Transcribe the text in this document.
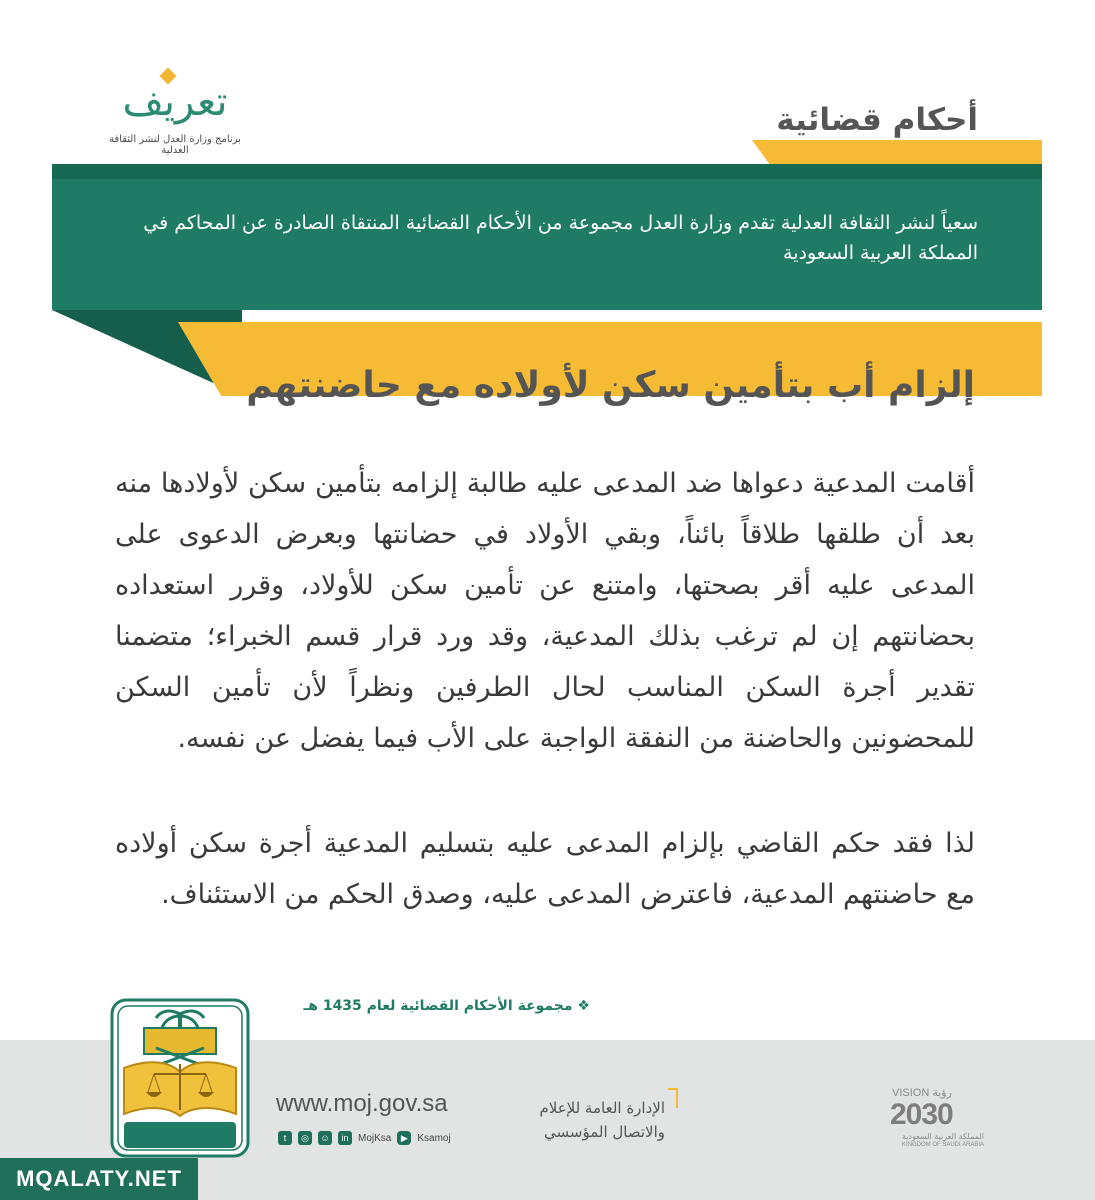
تعريف
برنامج وزارة العدل لنشر الثقافة العدلية
أحكام قضائية
سعياً لنشر الثقافة العدلية تقدم وزارة العدل مجموعة من الأحكام القضائية المنتقاة الصادرة عن المحاكم في المملكة العربية السعودية
إلزام أب بتأمين سكن لأولاده مع حاضنتهم
أقامت المدعية دعواها ضد المدعى عليه طالبة إلزامه بتأمين سكن لأولادها منه بعد أن طلقها طلاقاً بائناً، وبقي الأولاد في حضانتها وبعرض الدعوى على المدعى عليه أقر بصحتها، وامتنع عن تأمين سكن للأولاد، وقرر استعداده بحضانتهم إن لم ترغب بذلك المدعية، وقد ورد قرار قسم الخبراء؛ متضمنا تقدير أجرة السكن المناسب لحال الطرفين ونظراً لأن تأمين السكن للمحضونين والحاضنة من النفقة الواجبة على الأب فيما يفضل عن نفسه.
لذا فقد حكم القاضي بإلزام المدعى عليه بتسليم المدعية أجرة سكن أولاده مع حاضنتهم المدعية، فاعترض المدعى عليه، وصدق الحكم من الاستئناف.
❖ مجموعة الأحكام القضائية لعام 1435 هـ
www.moj.gov.sa
t	◎	☺	in MojKsa	▶ Ksamoj
الإدارة العامة للإعلام
والاتصال المؤسسي
VISION رؤية
2030
المملكة العربية السعودية
KINGDOM OF SAUDI ARABIA
MQALATY.NET
